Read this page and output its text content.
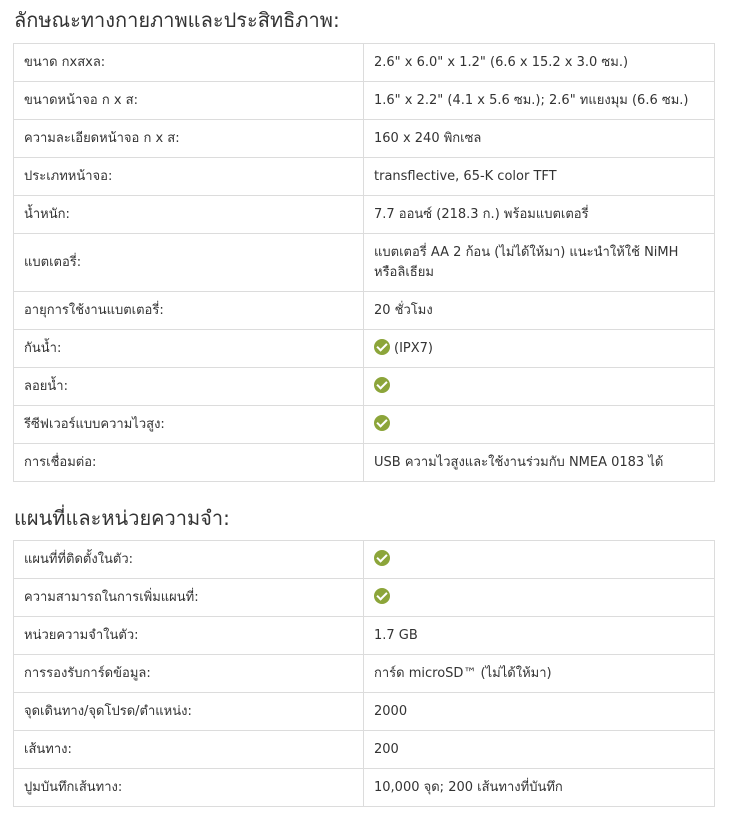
ลักษณะทางกายภาพและประสิทธิภาพ:
ขนาด กxสxล:	2.6" x 6.0" x 1.2" (6.6 x 15.2 x 3.0 ซม.)
ขนาดหน้าจอ ก x ส:	1.6" x 2.2" (4.1 x 5.6 ซม.); 2.6" ทแยงมุม (6.6 ซม.)
ความละเอียดหน้าจอ ก x ส:	160 x 240 พิกเซล
ประเภทหน้าจอ:	transflective, 65-K color TFT
น้ำหนัก:	7.7 ออนซ์ (218.3 ก.) พร้อมแบตเตอรี่
แบตเตอรี่:	แบตเตอรี่ AA 2 ก้อน (ไม่ได้ให้มา) แนะนำให้ใช้ NiMH หรือลิเธียม
อายุการใช้งานแบตเตอรี่:	20 ชั่วโมง
กันน้ำ:	(IPX7)
ลอยน้ำ:	
รีซีฟเวอร์แบบความไวสูง:	
การเชื่อมต่อ:	USB ความไวสูงและใช้งานร่วมกับ NMEA 0183 ได้
แผนที่และหน่วยความจำ:
แผนที่ที่ติดตั้งในตัว:	
ความสามารถในการเพิ่มแผนที่:	
หน่วยความจำในตัว:	1.7 GB
การรองรับการ์ดข้อมูล:	การ์ด microSD™ (ไม่ได้ให้มา)
จุดเดินทาง/จุดโปรด/ตำแหน่ง:	2000
เส้นทาง:	200
ปูมบันทึกเส้นทาง:	10,000 จุด; 200 เส้นทางที่บันทึก
